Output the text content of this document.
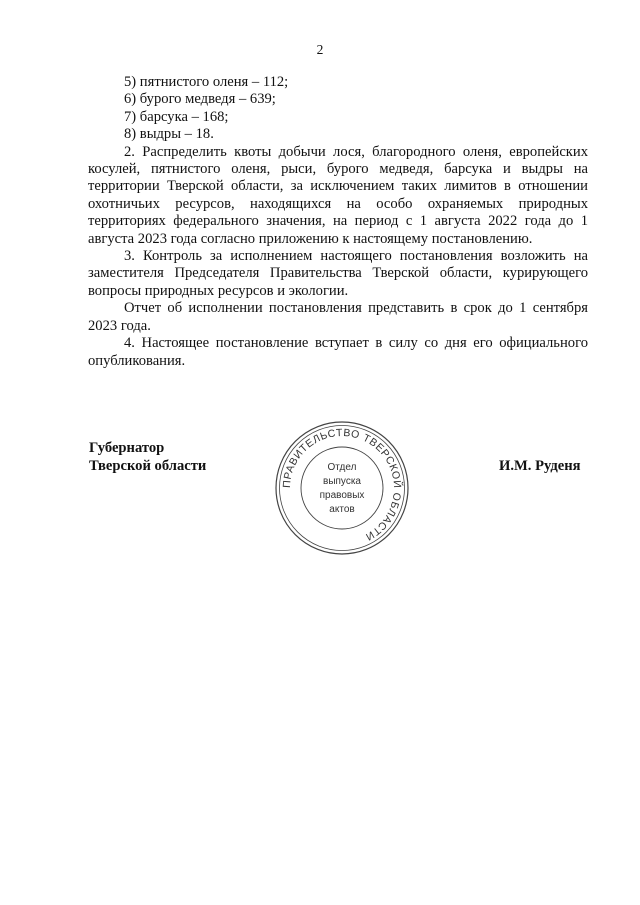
2
5) пятнистого оленя – 112;
6) бурого медведя – 639;
7) барсука – 168;
8) выдры – 18.
2. Распределить квоты добычи лося, благородного оленя, европейских косулей, пятнистого оленя, рыси, бурого медведя, барсука и выдры на территории Тверской области, за исключением таких лимитов в отношении охотничьих ресурсов, находящихся на особо охраняемых природных территориях федерального значения, на период с 1 августа 2022 года до 1 августа 2023 года согласно приложению к настоящему постановлению.
3. Контроль за исполнением настоящего постановления возложить на заместителя Председателя Правительства Тверской области, курирующего вопросы природных ресурсов и экологии.
Отчет об исполнении постановления представить в срок до 1 сентября 2023 года.
4. Настоящее постановление вступает в силу со дня его официального опубликования.
Губернатор
Тверской области
ПРАВИТЕЛЬСТВО ТВЕРСКОЙ ОБЛАСТИ
Отдел
выпуска
правовых
актов
И.М. Руденя
